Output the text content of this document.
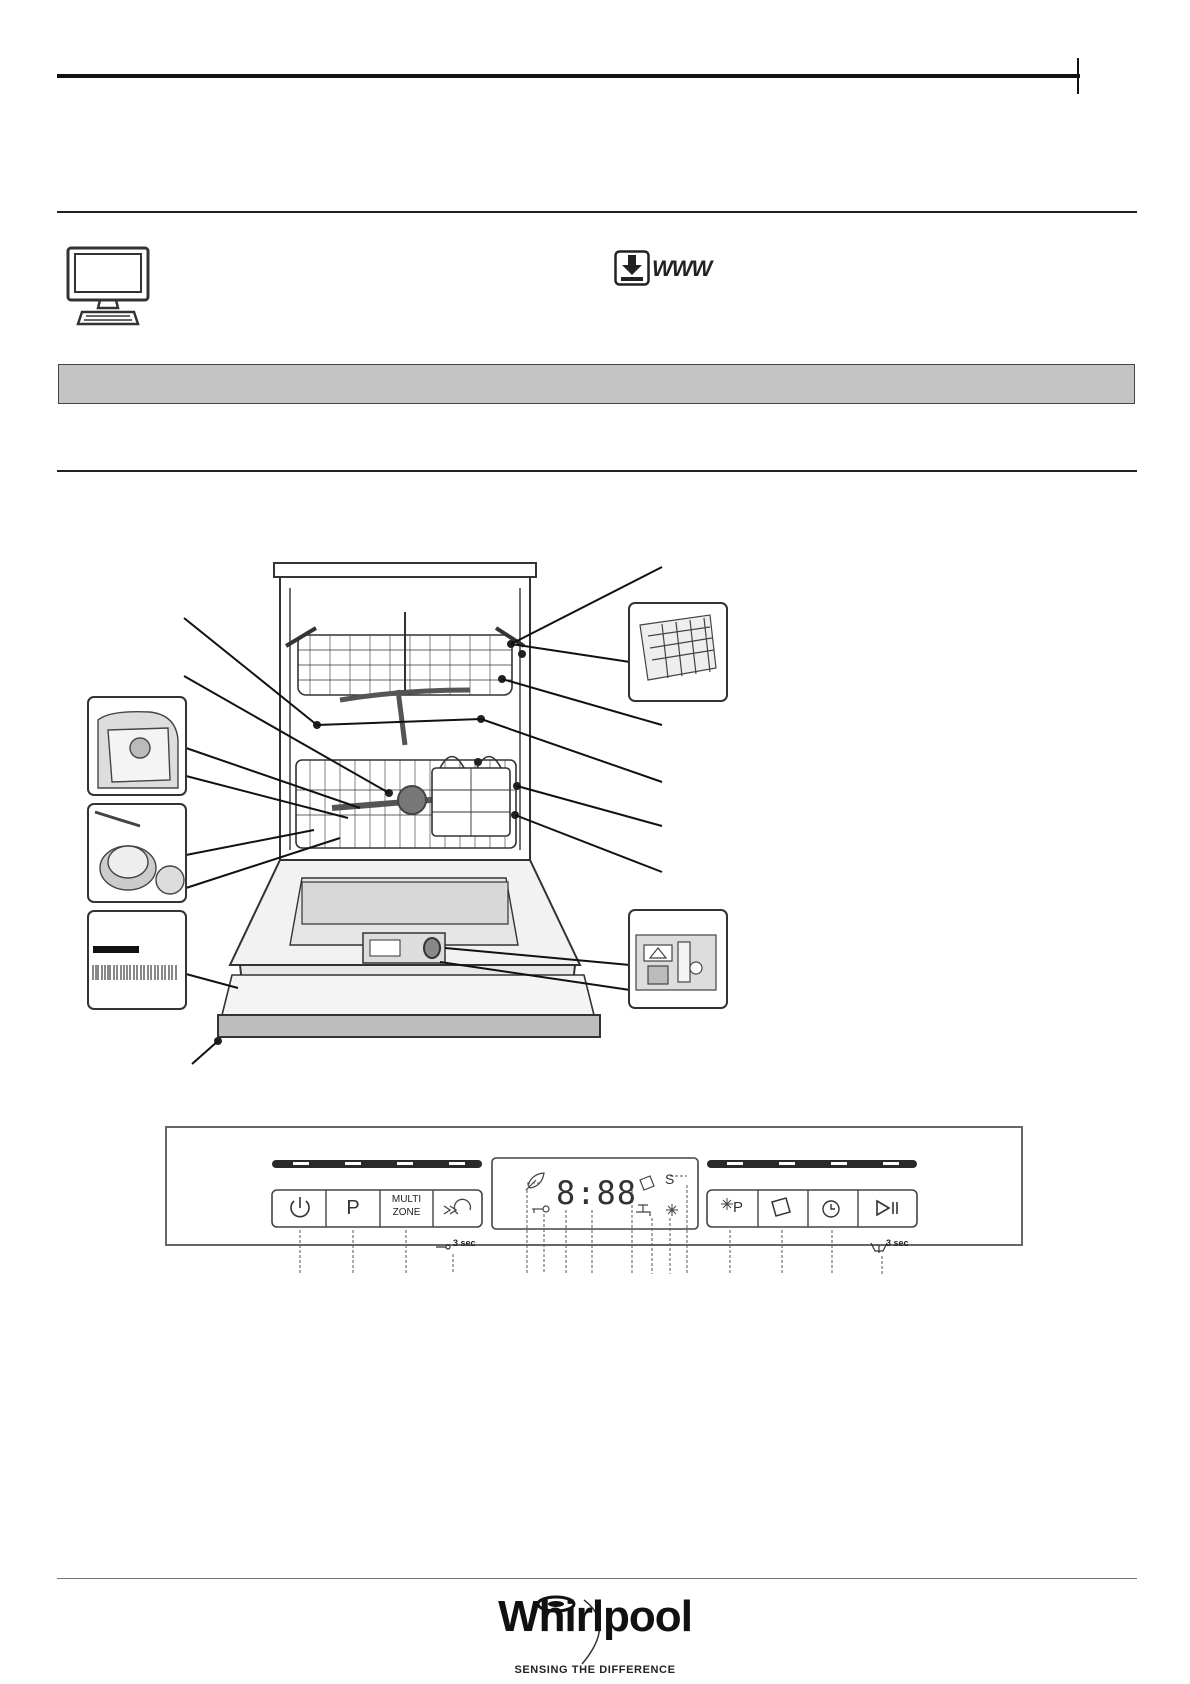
WWW
P	MULTI
ZONE	P
8:88 S
3 sec	3 sec
Whirlpool
SENSING THE DIFFERENCE
